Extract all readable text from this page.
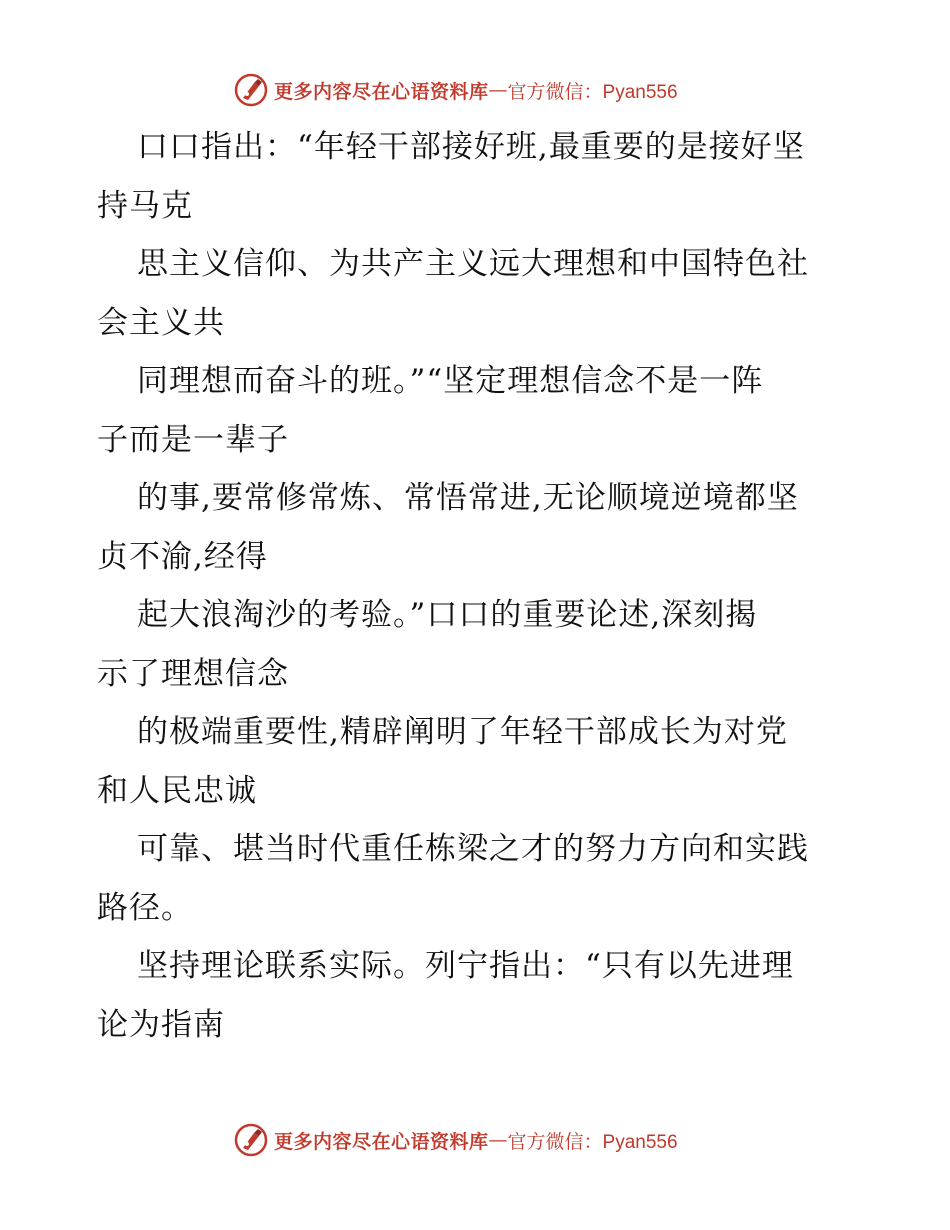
更多内容尽在心语资料库 — 官方微信：Pyan556
口口指出：“年轻干部接好班,最重要的是接好坚
持马克
思主义信仰、为共产主义远大理想和中国特色社
会主义共
同理想而奋斗的班。”“坚定理想信念不是一阵
子而是一辈子
的事,要常修常炼、常悟常进,无论顺境逆境都坚
贞不渝,经得
起大浪淘沙的考验。”口口的重要论述,深刻揭
示了理想信念
的极端重要性,精辟阐明了年轻干部成长为对党
和人民忠诚
可靠、堪当时代重任栋梁之才的努力方向和实践
路径。
坚持理论联系实际。列宁指出：“只有以先进理
论为指南
更多内容尽在心语资料库 — 官方微信：Pyan556
